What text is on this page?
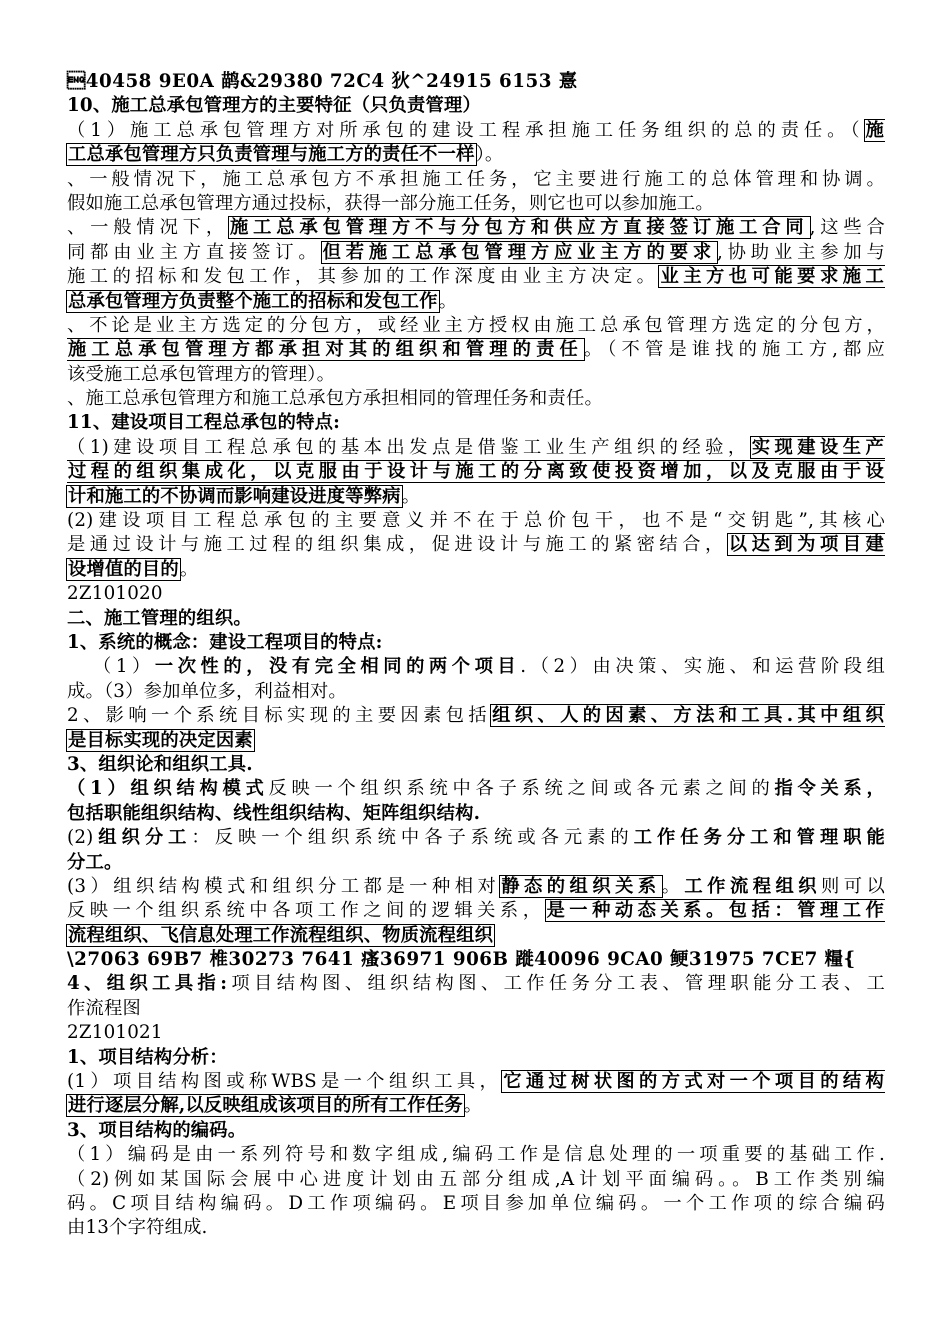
40458 9E0A 鹋&29380 72C4 狄^24915 6153 憙
10、施工总承包管理方的主要特征（只负责管理）
（1）施工总承包管理方对所承包的建设工程承担施工任务组织的总的责任。（施
工总承包管理方只负责管理与施工方的责任不一样）。
、一般情况下，施工总承包方不承担施工任务，它主要进行施工的总体管理和协调。
假如施工总承包管理方通过投标，获得一部分施工任务，则它也可以参加施工。
、一般情况下，施工总承包管理方不与分包方和供应方直接签订施工合同,这些合
同都由业主方直接签订。但若施工总承包管理方应业主方的要求,协助业主参加与
施工的招标和发包工作，其参加的工作深度由业主方决定。业主方也可能要求施工
总承包管理方负责整个施工的招标和发包工作。
、不论是业主方选定的分包方，或经业主方授权由施工总承包管理方选定的分包方，
施工总承包管理方都承担对其的组织和管理的责任。（不管是谁找的施工方,都应
该受施工总承包管理方的管理）。
、施工总承包管理方和施工总承包方承担相同的管理任务和责任。
11、建设项目工程总承包的特点:
（1)建设项目工程总承包的基本出发点是借鉴工业生产组织的经验，实现建设生产
过程的组织集成化，以克服由于设计与施工的分离致使投资增加，以及克服由于设
计和施工的不协调而影响建设进度等弊病。
(2)建设项目工程总承包的主要意义并不在于总价包干，也不是“交钥匙”,其核心
是通过设计与施工过程的组织集成，促进设计与施工的紧密结合，以达到为项目建
设增值的目的。
2Z101020
二、施工管理的组织。
1、系统的概念：建设工程项目的特点:
（1）一次性的，没有完全相同的两个项目.（2）由决策、实施、和运营阶段组
成。（3）参加单位多，利益相对。
2、影响一个系统目标实现的主要因素包括组织、人的因素、方法和工具.其中组织
是目标实现的决定因素
3、组织论和组织工具.
（1）组织结构模式反映一个组织系统中各子系统之间或各元素之间的指令关系，
包括职能组织结构、线性组织结构、矩阵组织结构.
(2)组织分工：反映一个组织系统中各子系统或各元素的工作任务分工和管理职能
分工。
(3）组织结构模式和组织分工都是一种相对静态的组织关系。工作流程组织则可以
反映一个组织系统中各项工作之间的逻辑关系，是一种动态关系。包括：管理工作
流程组织、飞信息处理工作流程组织、物质流程组织
\27063 69B7 椎30273 7641 瘙36971 906B 蹝40096 9CA0 鲠31975 7CE7 糧{
4、组织工具指:项目结构图、组织结构图、工作任务分工表、管理职能分工表、工
作流程图
2Z101021
1、项目结构分析：
(1）项目结构图或称WBS是一个组织工具，它通过树状图的方式对一个项目的结构
进行逐层分解,以反映组成该项目的所有工作任务。
3、项目结构的编码。
（1）编码是由一系列符号和数字组成,编码工作是信息处理的一项重要的基础工作.
（2)例如某国际会展中心进度计划由五部分组成,A计划平面编码。。B工作类别编
码。C项目结构编码。D工作项编码。E项目参加单位编码。一个工作项的综合编码
由13个字符组成.
